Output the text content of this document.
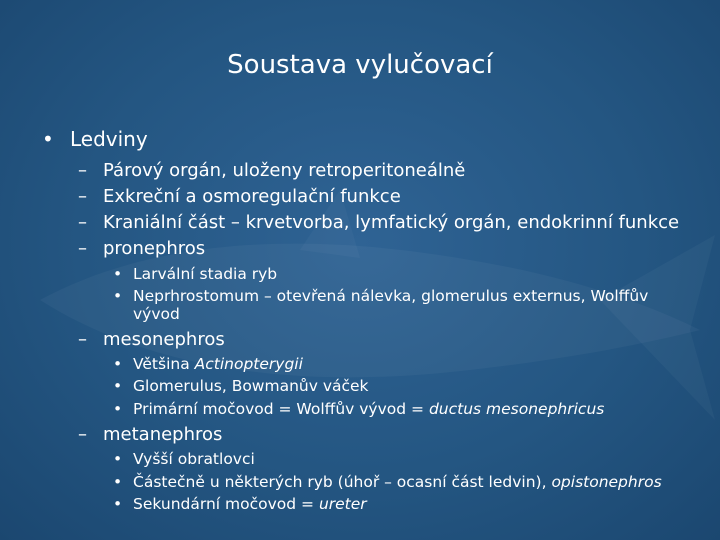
Soustava vylučovací
• Ledviny
– Párový orgán, uloženy retroperitoneálně
– Exkreční a osmoregulační funkce
– Kraniální část – krvetvorba, lymfatický orgán, endokrinní funkce
– pronephros
• Larvální stadia ryb
• Neprhrostomum – otevřená nálevka, glomerulus externus, Wolffův
vývod
– mesonephros
• Většina Actinopterygii
• Glomerulus, Bowmanův váček
• Primární močovod = Wolffův vývod = ductus mesonephricus
– metanephros
• Vyšší obratlovci
• Částečně u některých ryb (úhoř – ocasní část ledvin), opistonephros
• Sekundární močovod = ureter
